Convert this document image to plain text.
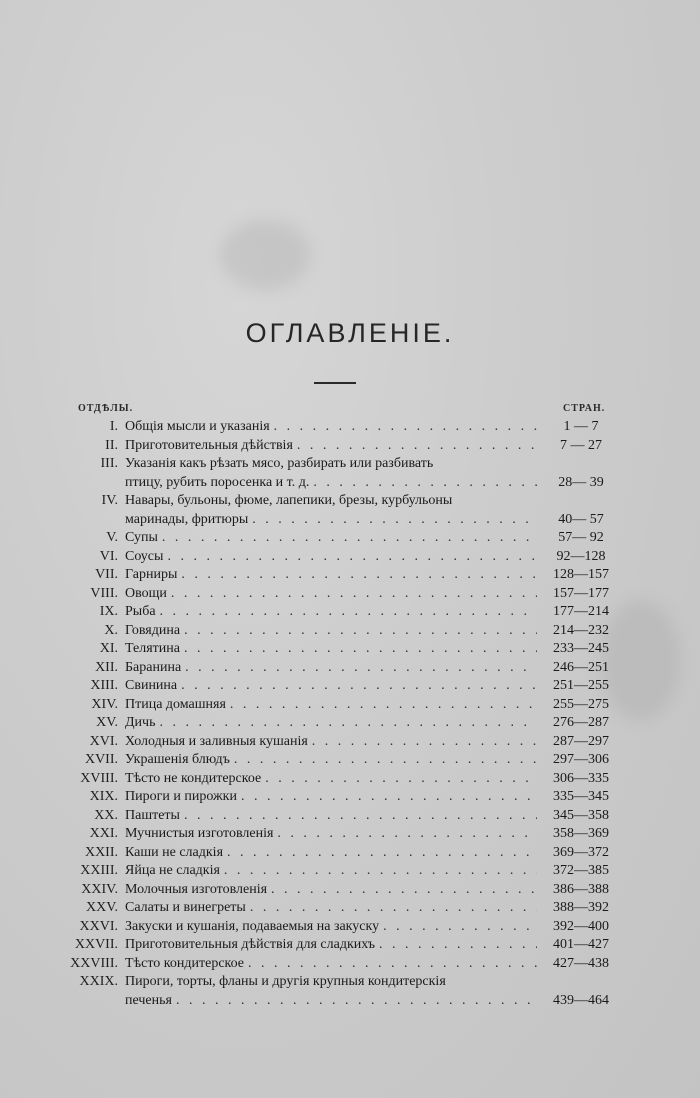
ОГЛАВЛЕНІЕ.
ОТДѢЛЫ.	СТРАН.
I. Общія мысли и указанія . . .	1 — 7
II. Приготовительныя дѣйствія . . .	7 — 27
III. Указанія какъ рѣзать мясо, разбирать или разбивать
птицу, рубить поросенка и т. д. . . .	28— 39
IV. Навары, бульоны, фюме, лапепики, брезы, курбульоны
маринады, фритюры . . .	40— 57
V. Супы . . .	57— 92
VI. Соусы . . .	92—128
VII. Гарниры . . .	128—157
VIII. Овощи . . .	157—177
IX. Рыба . . .	177—214
X. Говядина . . .	214—232
XI. Телятина . . .	233—245
XII. Баранина . . .	246—251
XIII. Свинина . . .	251—255
XIV. Птица домашняя . . .	255—275
XV. Дичь . . .	276—287
XVI. Холодныя и заливныя кушанія . . .	287—297
XVII. Украшенія блюдъ . . .	297—306
XVIII. Тѣсто не кондитерское . . .	306—335
XIX. Пироги и пирожки . . .	335—345
XX. Паштеты . . .	345—358
XXI. Мучнистыя изготовленія . . .	358—369
XXII. Каши не сладкія . . .	369—372
XXIII. Яйца не сладкія . . .	372—385
XXIV. Молочныя изготовленія . . .	386—388
XXV. Салаты и винегреты . . .	388—392
XXVI. Закуски и кушанія, подаваемыя на закуску . . .	392—400
XXVII. Приготовительныя дѣйствія для сладкихъ . . .	401—427
XXVIII. Тѣсто кондитерское . . .	427—438
XXIX. Пироги, торты, фланы и другія крупныя кондитерскія
печенья . . .	439—464
